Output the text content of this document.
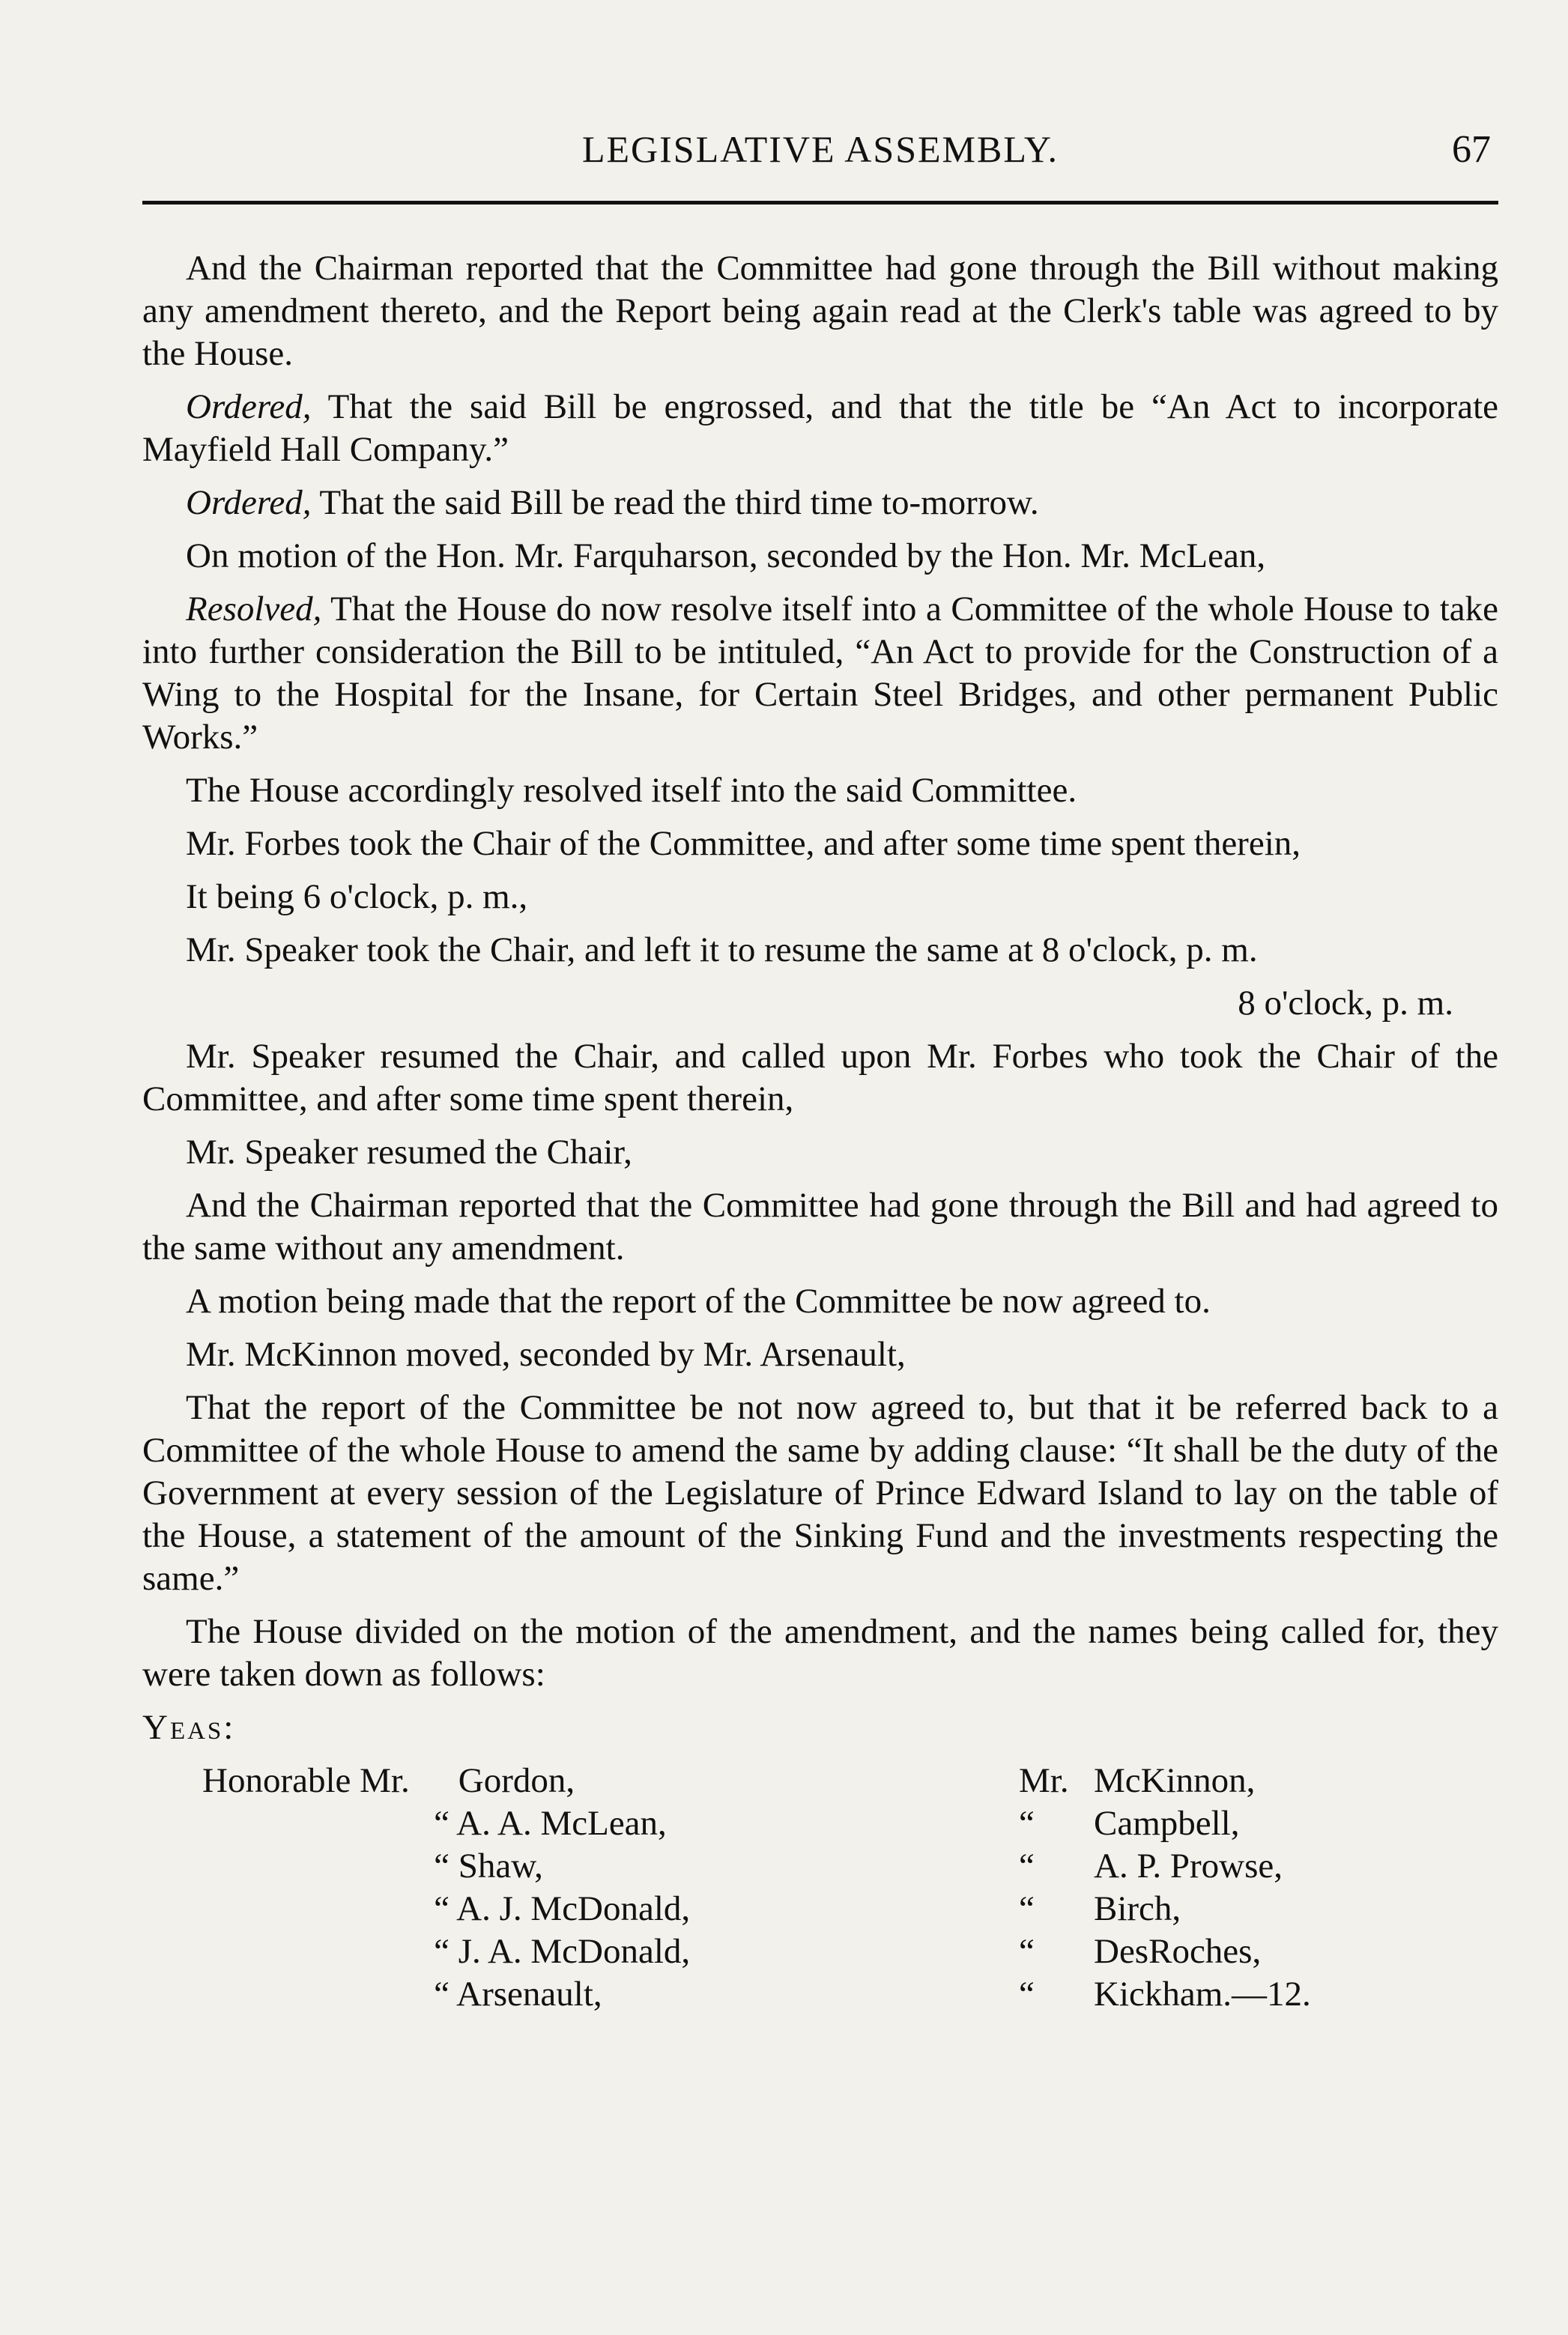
LEGISLATIVE ASSEMBLY.	67

And the Chairman reported that the Committee had gone through the Bill without making any amendment thereto, and the Report being again read at the Clerk's table was agreed to by the House.

Ordered, That the said Bill be engrossed, and that the title be “An Act to incorporate Mayfield Hall Company.”

Ordered, That the said Bill be read the third time to-morrow.

On motion of the Hon. Mr. Farquharson, seconded by the Hon. Mr. McLean,

Resolved, That the House do now resolve itself into a Committee of the whole House to take into further consideration the Bill to be intituled, “An Act to provide for the Construction of a Wing to the Hospital for the Insane, for Certain Steel Bridges, and other permanent Public Works.”

The House accordingly resolved itself into the said Committee.

Mr. Forbes took the Chair of the Committee, and after some time spent therein,

It being 6 o'clock, p. m.,

Mr. Speaker took the Chair, and left it to resume the same at 8 o'clock, p. m.

8 o'clock, p. m.

Mr. Speaker resumed the Chair, and called upon Mr. Forbes who took the Chair of the Committee, and after some time spent therein,

Mr. Speaker resumed the Chair,

And the Chairman reported that the Committee had gone through the Bill and had agreed to the same without any amendment.

A motion being made that the report of the Committee be now agreed to.

Mr. McKinnon moved, seconded by Mr. Arsenault,

That the report of the Committee be not now agreed to, but that it be referred back to a Committee of the whole House to amend the same by adding clause: “It shall be the duty of the Government at every session of the Legislature of Prince Edward Island to lay on the table of the House, a statement of the amount of the Sinking Fund and the investments respecting the same.”

The House divided on the motion of the amendment, and the names being called for, they were taken down as follows:

Yeas:

Honorable Mr. Gordon,
“ A. A. McLean,
“ Shaw,
“ A. J. McDonald,
“ J. A. McDonald,
“ Arsenault,
Mr. McKinnon,
“ Campbell,
“ A. P. Prowse,
“ Birch,
“ DesRoches,
“ Kickham.—12.
